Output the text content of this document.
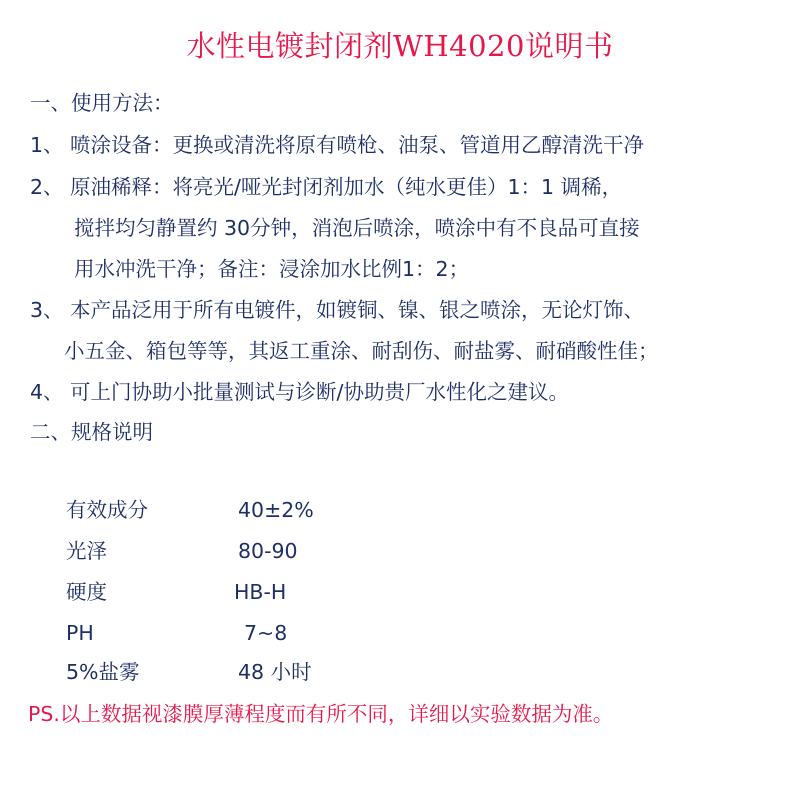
水性电镀封闭剂WH4020说明书
一、使用方法：
1、 喷涂设备：更换或清洗将原有喷枪、油泵、管道用乙醇清洗干净
2、 原油稀释：将亮光/哑光封闭剂加水（纯水更佳）1：1 调稀，
搅拌均匀静置约 30分钟，消泡后喷涂，喷涂中有不良品可直接
用水冲洗干净；备注：浸涂加水比例1：2；
3、 本产品泛用于所有电镀件，如镀铜、镍、银之喷涂，无论灯饰、
小五金、箱包等等，其返工重涂、耐刮伤、耐盐雾、耐硝酸性佳；
4、 可上门协助小批量测试与诊断/协助贵厂水性化之建议。
二、规格说明
有效成分	40±2%
光泽	80-90
硬度	HB-H
PH	7~8
5%盐雾	48 小时
PS.以上数据视漆膜厚薄程度而有所不同，详细以实验数据为准。
